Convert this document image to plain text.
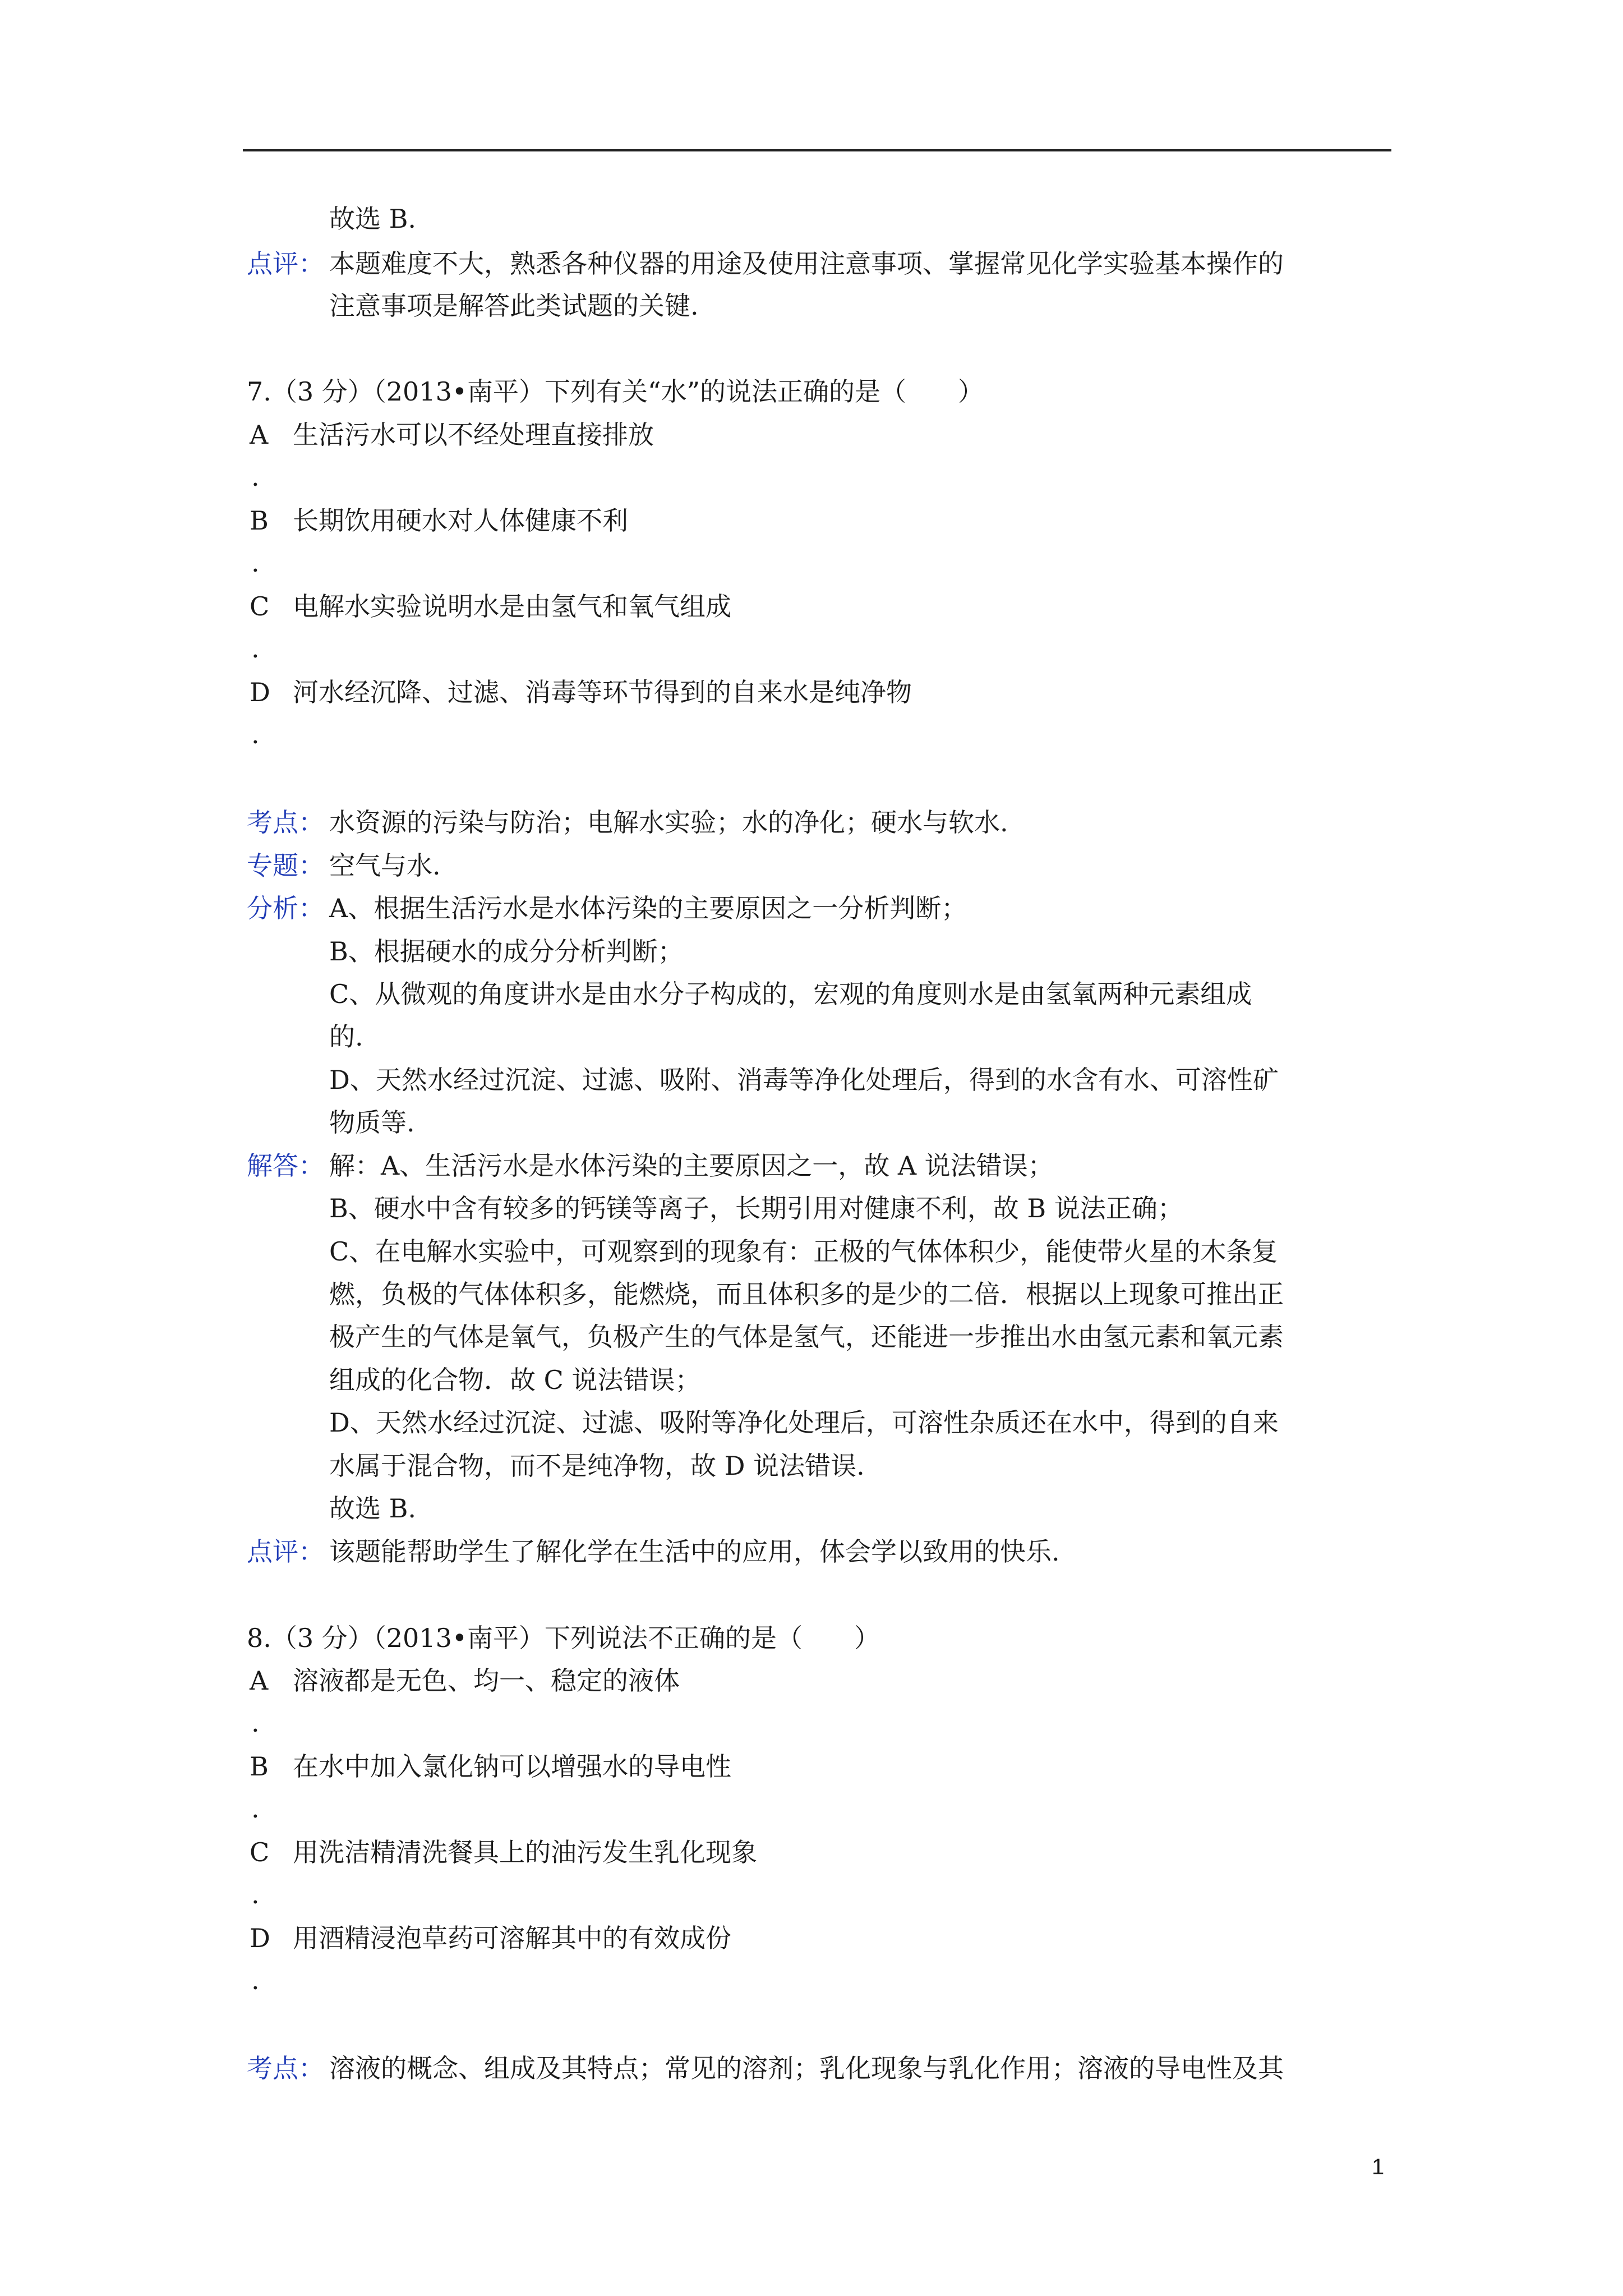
故选 B.
点评： 本题难度不大，熟悉各种仪器的用途及使用注意事项、掌握常见化学实验基本操作的
注意事项是解答此类试题的关键.
7.（3 分）（2013•南平）下列有关“水”的说法正确的是（　　）
A 生活污水可以不经处理直接排放
.
B 长期饮用硬水对人体健康不利
.
C 电解水实验说明水是由氢气和氧气组成
.
D 河水经沉降、过滤、消毒等环节得到的自来水是纯净物
.
考点： 水资源的污染与防治；电解水实验；水的净化；硬水与软水.
专题： 空气与水.
分析： A、根据生活污水是水体污染的主要原因之一分析判断；
B、根据硬水的成分分析判断；
C、从微观的角度讲水是由水分子构成的，宏观的角度则水是由氢氧两种元素组成
的.
D、天然水经过沉淀、过滤、吸附、消毒等净化处理后，得到的水含有水、可溶性矿
物质等.
解答： 解：A、生活污水是水体污染的主要原因之一，故 A 说法错误；
B、硬水中含有较多的钙镁等离子，长期引用对健康不利，故 B 说法正确；
C、在电解水实验中，可观察到的现象有：正极的气体体积少，能使带火星的木条复
燃，负极的气体体积多，能燃烧，而且体积多的是少的二倍．根据以上现象可推出正
极产生的气体是氧气，负极产生的气体是氢气，还能进一步推出水由氢元素和氧元素
组成的化合物．故 C 说法错误；
D、天然水经过沉淀、过滤、吸附等净化处理后，可溶性杂质还在水中，得到的自来
水属于混合物，而不是纯净物，故 D 说法错误.
故选 B.
点评： 该题能帮助学生了解化学在生活中的应用，体会学以致用的快乐.
8.（3 分）（2013•南平）下列说法不正确的是（　　）
A 溶液都是无色、均一、稳定的液体
.
B 在水中加入氯化钠可以增强水的导电性
.
C 用洗洁精清洗餐具上的油污发生乳化现象
.
D 用酒精浸泡草药可溶解其中的有效成份
.
考点： 溶液的概念、组成及其特点；常见的溶剂；乳化现象与乳化作用；溶液的导电性及其
1
